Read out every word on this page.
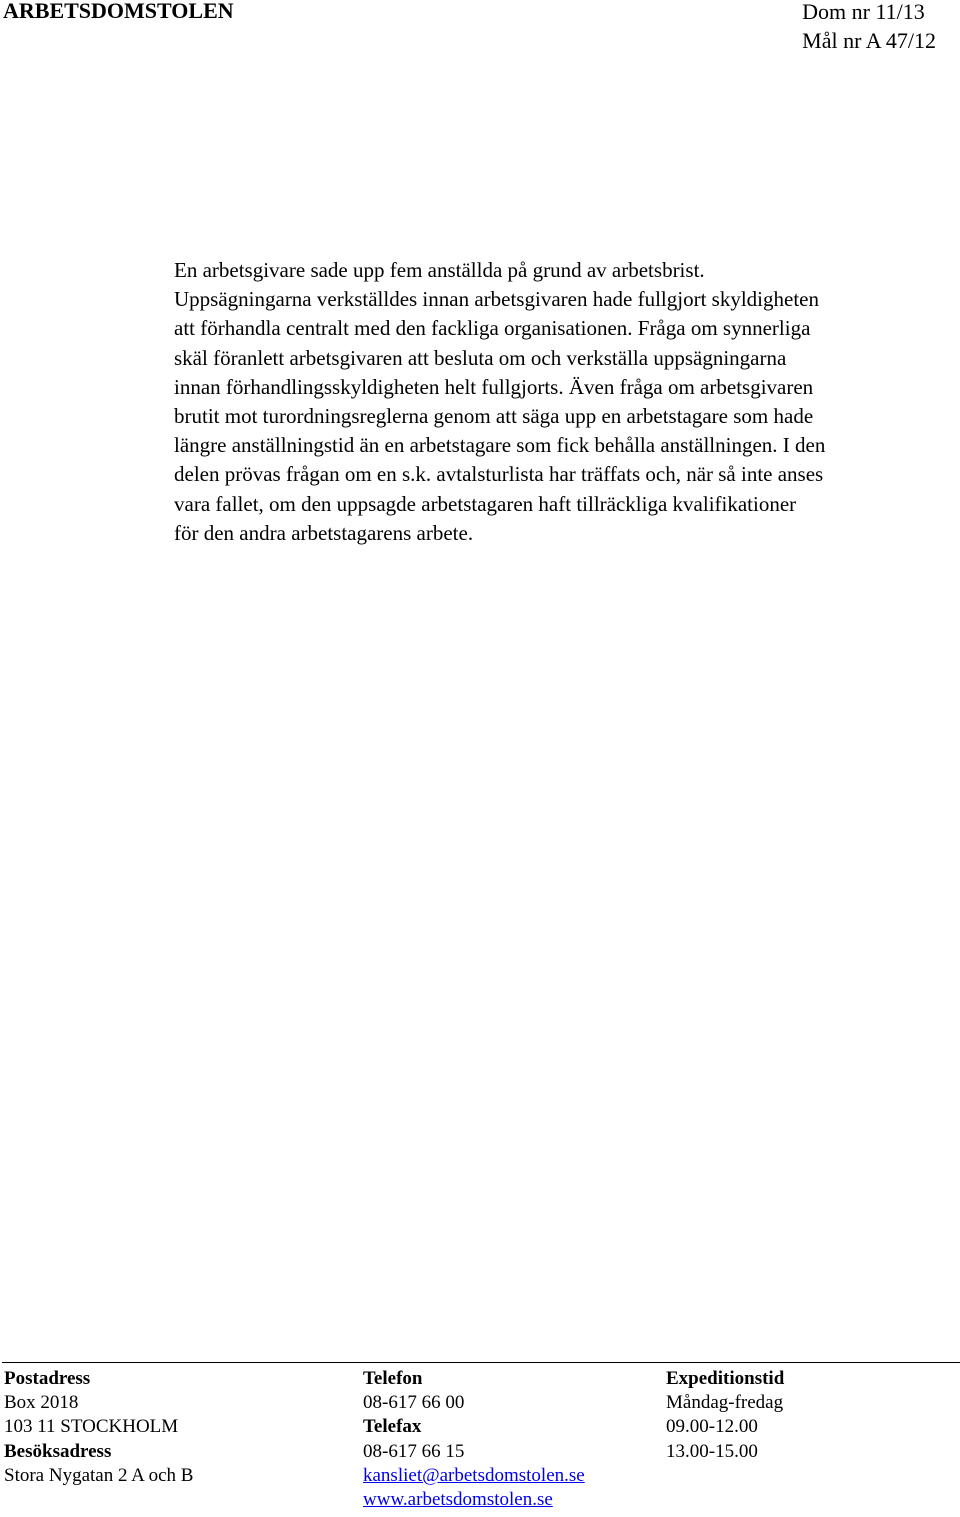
ARBETSDOMSTOLEN	Dom nr 11/13
Mål nr A 47/12

En arbetsgivare sade upp fem anställda på grund av arbetsbrist.
Uppsägningarna verkställdes innan arbetsgivaren hade fullgjort skyldigheten
att förhandla centralt med den fackliga organisationen. Fråga om synnerliga
skäl föranlett arbetsgivaren att besluta om och verkställa uppsägningarna
innan förhandlingsskyldigheten helt fullgjorts. Även fråga om arbetsgivaren
brutit mot turordningsreglerna genom att säga upp en arbetstagare som hade
längre anställningstid än en arbetstagare som fick behålla anställningen. I den
delen prövas frågan om en s.k. avtalsturlista har träffats och, när så inte anses
vara fallet, om den uppsagde arbetstagaren haft tillräckliga kvalifikationer
för den andra arbetstagarens arbete.

Postadress
Box 2018
103 11 STOCKHOLM
Besöksadress
Stora Nygatan 2 A och B
Telefon
08-617 66 00
Telefax
08-617 66 15
kansliet@arbetsdomstolen.se
www.arbetsdomstolen.se
Expeditionstid
Måndag-fredag
09.00-12.00
13.00-15.00
